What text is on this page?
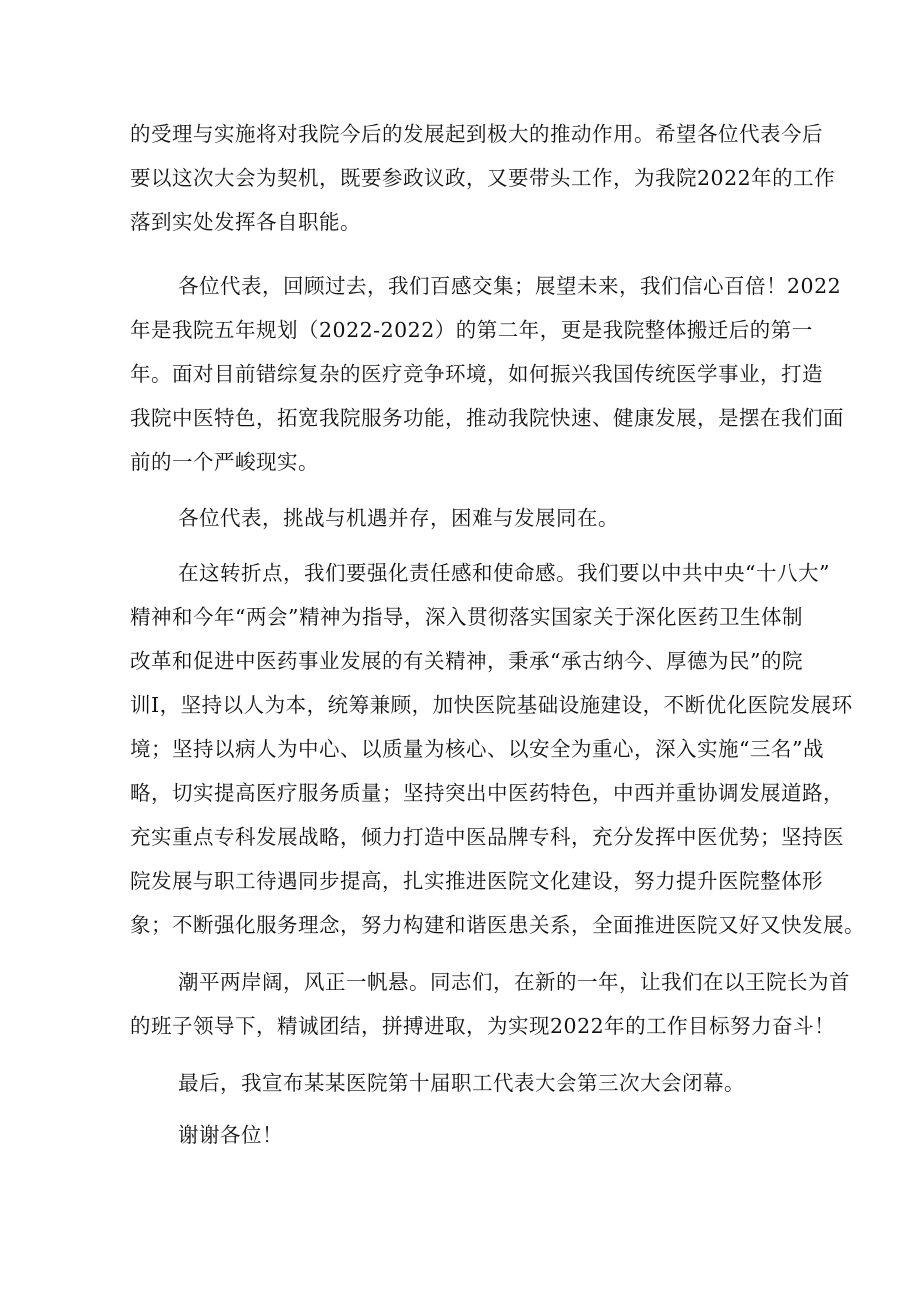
的受理与实施将对我院今后的发展起到极大的推动作用。希望各位代表今后
要以这次大会为契机，既要参政议政，又要带头工作，为我院2022年的工作
落到实处发挥各自职能。
各位代表，回顾过去，我们百感交集；展望未来，我们信心百倍！2022
年是我院五年规划（2022-2022）的第二年，更是我院整体搬迁后的第一
年。面对目前错综复杂的医疗竞争环境，如何振兴我国传统医学事业，打造
我院中医特色，拓宽我院服务功能，推动我院快速、健康发展，是摆在我们面
前的一个严峻现实。
各位代表，挑战与机遇并存，困难与发展同在。
在这转折点，我们要强化责任感和使命感。我们要以中共中央“十八大”
精神和今年“两会”精神为指导，深入贯彻落实国家关于深化医药卫生体制
改革和促进中医药事业发展的有关精神，秉承“承古纳今、厚德为民”的院
训I，坚持以人为本，统筹兼顾，加快医院基础设施建设，不断优化医院发展环
境；坚持以病人为中心、以质量为核心、以安全为重心，深入实施“三名”战
略，切实提高医疗服务质量；坚持突出中医药特色，中西并重协调发展道路，
充实重点专科发展战略，倾力打造中医品牌专科，充分发挥中医优势；坚持医
院发展与职工待遇同步提高，扎实推进医院文化建设，努力提升医院整体形
象；不断强化服务理念，努力构建和谐医患关系，全面推进医院又好又快发展。
潮平两岸阔，风正一帆悬。同志们，在新的一年，让我们在以王院长为首
的班子领导下，精诚团结，拼搏进取，为实现2022年的工作目标努力奋斗！
最后，我宣布某某医院第十届职工代表大会第三次大会闭幕。
谢谢各位！
